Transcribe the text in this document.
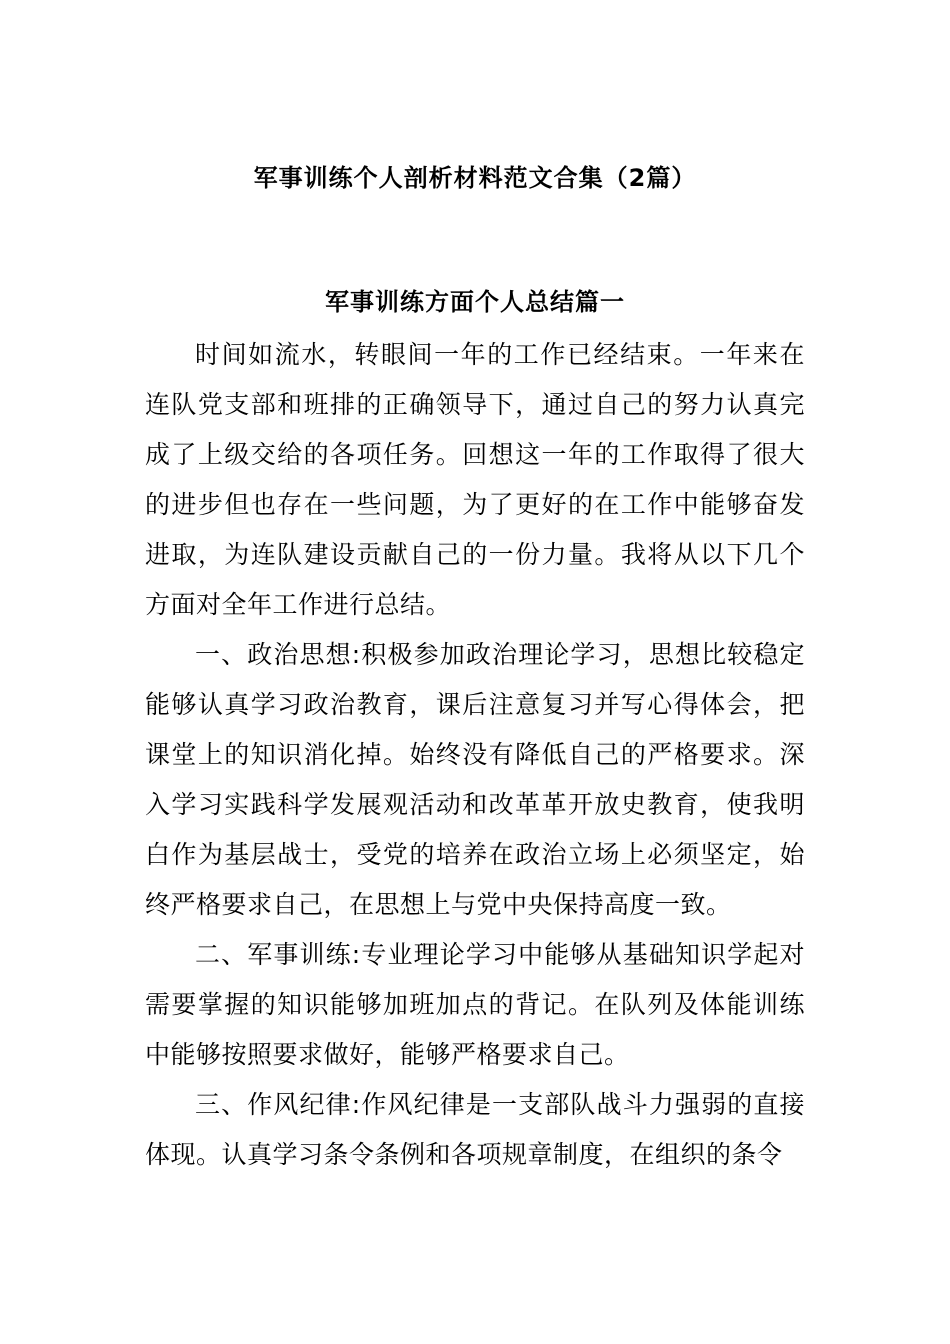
军事训练个人剖析材料范文合集（2篇）
军事训练方面个人总结篇一

时间如流水，转眼间一年的工作已经结束。一年来在连队党支部和班排的正确领导下，通过自己的努力认真完成了上级交给的各项任务。回想这一年的工作取得了很大的进步但也存在一些问题，为了更好的在工作中能够奋发进取，为连队建设贡献自己的一份力量。我将从以下几个方面对全年工作进行总结。

一、政治思想:积极参加政治理论学习，思想比较稳定能够认真学习政治教育，课后注意复习并写心得体会，把课堂上的知识消化掉。始终没有降低自己的严格要求。深入学习实践科学发展观活动和改革革开放史教育，使我明白作为基层战士，受党的培养在政治立场上必须坚定，始终严格要求自己，在思想上与党中央保持高度一致。

二、军事训练:专业理论学习中能够从基础知识学起对需要掌握的知识能够加班加点的背记。在队列及体能训练中能够按照要求做好，能够严格要求自己。

三、作风纪律:作风纪律是一支部队战斗力强弱的直接体现。认真学习条令条例和各项规章制度，在组织的条令
